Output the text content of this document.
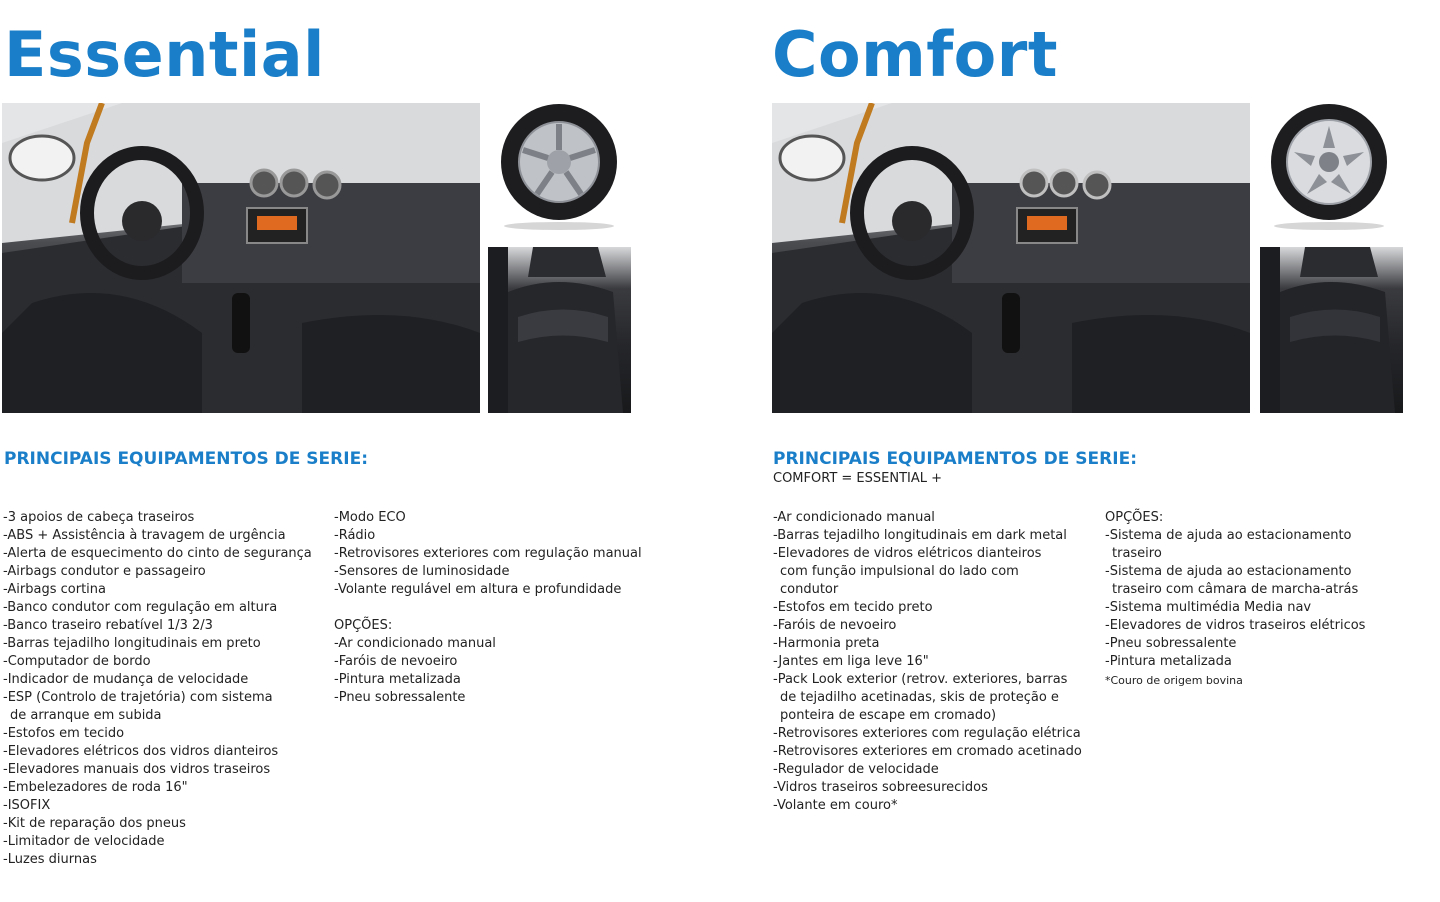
Essential
PRINCIPAIS EQUIPAMENTOS DE SERIE:
- 3 apoios de cabeça traseiros
- ABS + Assistência à travagem de urgência
- Alerta de esquecimento do cinto de segurança
- Airbags condutor e passageiro
- Airbags cortina
- Banco condutor com regulação em altura
- Banco traseiro rebatível 1/3 2/3
- Barras tejadilho longitudinais em preto
- Computador de bordo
- Indicador de mudança de velocidade
- ESP (Controlo de trajetória) com sistema de arranque em subida
- Estofos em tecido
- Elevadores elétricos dos vidros dianteiros
- Elevadores manuais dos vidros traseiros
- Embelezadores de roda 16"
- ISOFIX
- Kit de reparação dos pneus
- Limitador de velocidade
- Luzes diurnas
- Modo ECO
- Rádio
- Retrovisores exteriores com regulação manual
- Sensores de luminosidade
- Volante regulável em altura e profundidade
OPÇÕES:
- Ar condicionado manual
- Faróis de nevoeiro
- Pintura metalizada
- Pneu sobressalente
Comfort
PRINCIPAIS EQUIPAMENTOS DE SERIE:
COMFORT = ESSENTIAL +
- Ar condicionado manual
- Barras tejadilho longitudinais em dark metal
- Elevadores de vidros elétricos dianteiros com função impulsional do lado com condutor
- Estofos em tecido preto
- Faróis de nevoeiro
- Harmonia preta
- Jantes em liga leve 16"
- Pack Look exterior (retrov. exteriores, barras de tejadilho acetinadas, skis de proteção e ponteira de escape em cromado)
- Retrovisores exteriores com regulação elétrica
- Retrovisores exteriores em cromado acetinado
- Regulador de velocidade
- Vidros traseiros sobreesurecidos
- Volante em couro*
OPÇÕES:
- Sistema de ajuda ao estacionamento traseiro
- Sistema de ajuda ao estacionamento traseiro com câmara de marcha-atrás
- Sistema multimédia Media nav
- Elevadores de vidros traseiros elétricos
- Pneu sobressalente
- Pintura metalizada
*Couro de origem bovina
